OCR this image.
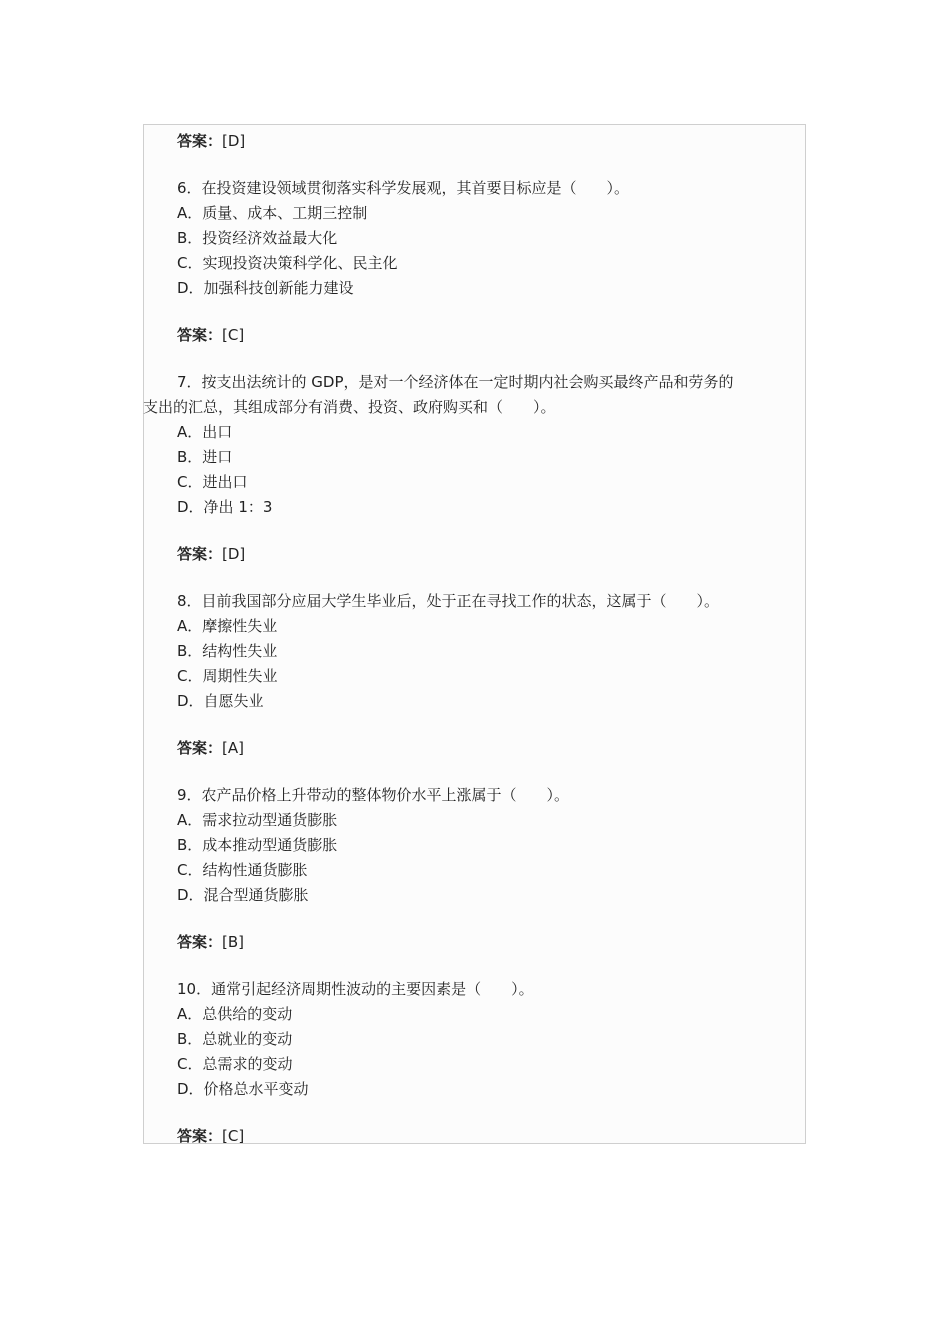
答案：[D]
6．在投资建设领域贯彻落实科学发展观，其首要目标应是（　　）。
A．质量、成本、工期三控制
B．投资经济效益最大化
C．实现投资决策科学化、民主化
D．加强科技创新能力建设
答案：[C]
7．按支出法统计的 GDP，是对一个经济体在一定时期内社会购买最终产品和劳务的
支出的汇总，其组成部分有消费、投资、政府购买和（　　）。
A．出口
B．进口
C．进出口
D．净出 1：3
答案：[D]
8．目前我国部分应届大学生毕业后，处于正在寻找工作的状态，这属于（　　）。
A．摩擦性失业
B．结构性失业
C．周期性失业
D．自愿失业
答案：[A]
9．农产品价格上升带动的整体物价水平上涨属于（　　）。
A．需求拉动型通货膨胀
B．成本推动型通货膨胀
C．结构性通货膨胀
D．混合型通货膨胀
答案：[B]
10．通常引起经济周期性波动的主要因素是（　　）。
A．总供给的变动
B．总就业的变动
C．总需求的变动
D．价格总水平变动
答案：[C]
